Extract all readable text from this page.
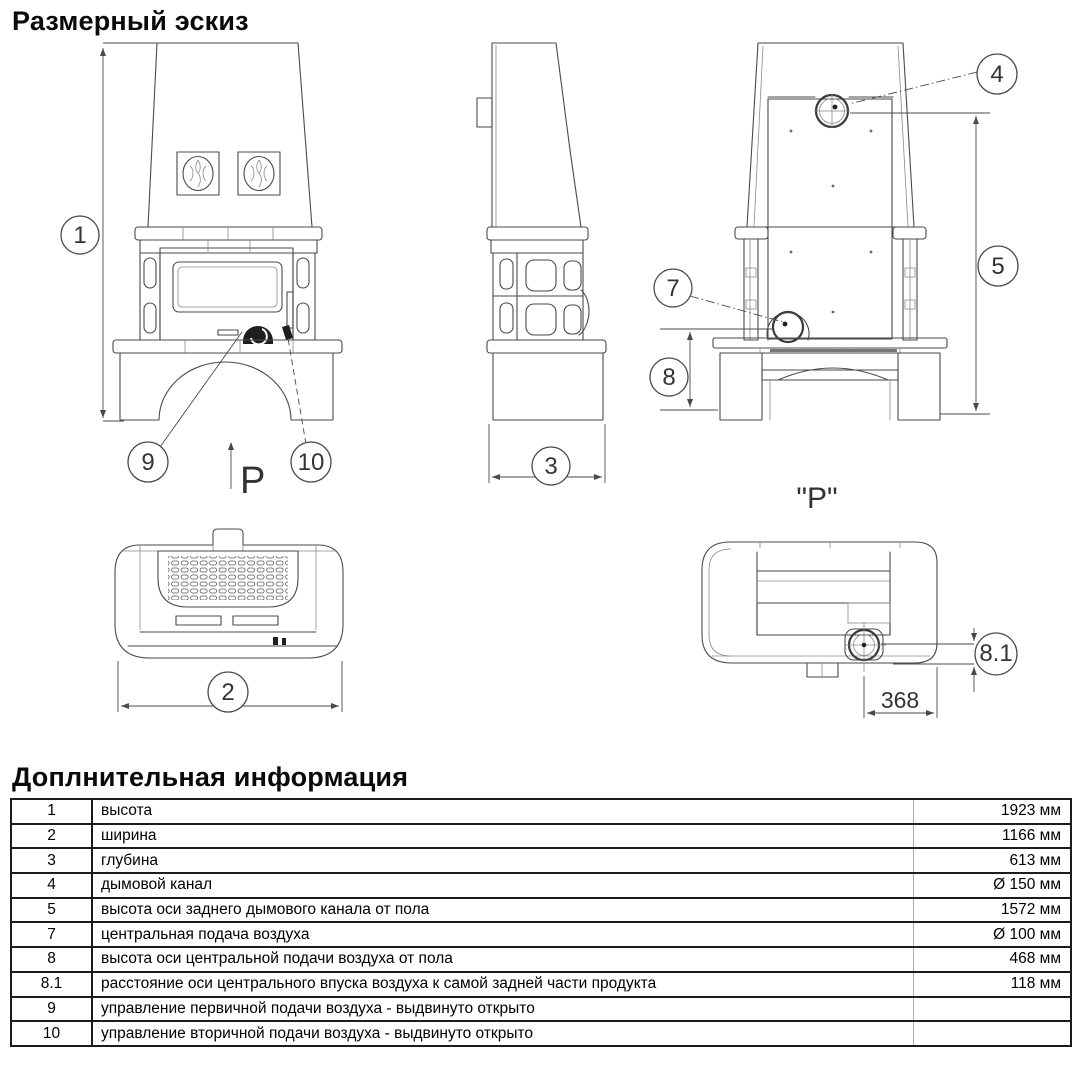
Размерный эскиз
1
9	10
P	3
4
5
7
8
"P"
2
8.1
368
Доплнительная информация
1	высота	1923 мм
2	ширина	1166 мм
3	глубина	613 мм
4	дымовой канал	Ø 150 мм
5	высота оси заднего дымового канала от пола	1572 мм
7	центральная подача воздуха	Ø 100 мм
8	высота оси центральной подачи воздуха от пола	468 мм
8.1	расстояние оси центрального впуска воздуха к самой задней части продукта	118 мм
9	управление первичной подачи воздуха - выдвинуто открыто	
10	управление вторичной подачи воздуха - выдвинуто открыто	
